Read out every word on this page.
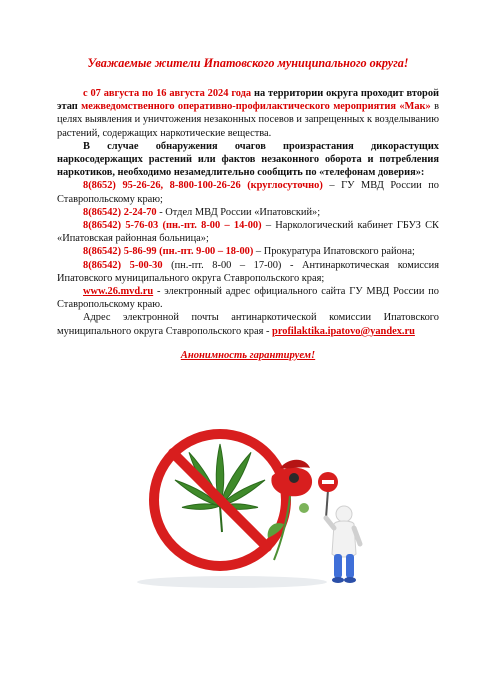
Уважаемые жители Ипатовского муниципального округа!

с 07 августа по 16 августа 2024 года на территории округа проходит второй этап межведомственного оперативно-профилактического мероприятия «Мак» в целях выявления и уничтожения незаконных посевов и запрещенных к возделыванию растений, содержащих наркотические вещества.

В случае обнаружения очагов произрастания дикорастущих наркосодержащих растений или фактов незаконного оборота и потребления наркотиков, необходимо незамедлительно сообщить по «телефонам доверия»:

8(8652) 95-26-26, 8-800-100-26-26 (круглосуточно) – ГУ МВД России по Ставропольскому краю;

8(86542) 2-24-70 - Отдел МВД России «Ипатовский»;

8(86542) 5-76-03 (пн.-пт. 8-00 – 14-00) – Наркологический кабинет ГБУЗ СК «Ипатовская районная больница»;

8(86542) 5-86-99 (пн.-пт. 9-00 – 18-00) – Прокуратура Ипатовского района;

8(86542) 5-00-30 (пн.-пт. 8-00 – 17-00) - Антинаркотическая комиссия Ипатовского муниципального округа Ставропольского края;

www.26.mvd.ru - электронный адрес официального сайта ГУ МВД России по Ставропольскому краю.

Адрес электронной почты антинаркотической комиссии Ипатовского муниципального округа Ставропольского края - profilaktika.ipatovo@yandex.ru

Анонимность гарантируем!
